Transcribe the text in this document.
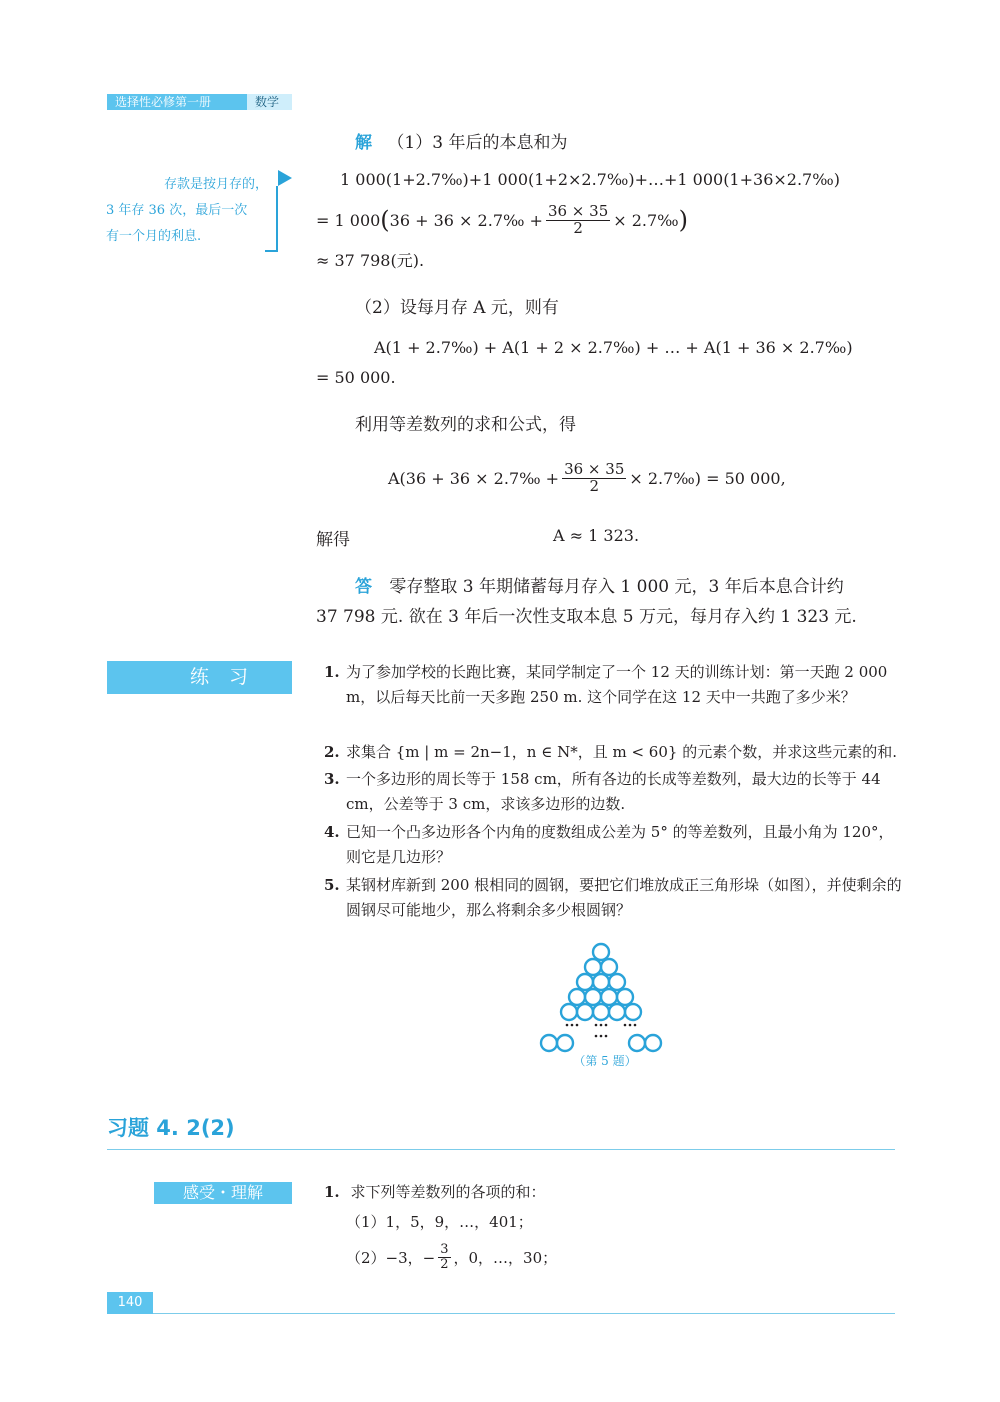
选择性必修第一册	数学
存款是按月存的，
3 年存 36 次，最后一次
有一个月的利息.
解 （1）3 年后的本息和为
1 000(1+2.7‰)+1 000(1+2×2.7‰)+…+1 000(1+36×2.7‰)
= 1 000 ( 36 + 36 × 2.7‰ + $\frac{36 \times 35}{2}$ × 2.7‰ )
≈ 37 798(元).
（2）设每月存 A 元，则有
A(1 + 2.7‰) + A(1 + 2 × 2.7‰) + … + A(1 + 36 × 2.7‰)
= 50 000.
利用等差数列的求和公式，得
A(36 + 36 × 2.7‰ + $\frac{36 \times 35}{2}$ × 2.7‰) = 50 000,
解得	A ≈ 1 323.
答 零存整取 3 年期储蓄每月存入 1 000 元，3 年后本息合计约
37 798 元. 欲在 3 年后一次性支取本息 5 万元，每月存入约 1 323 元.
练习	1. 为了参加学校的长跑比赛，某同学制定了一个 12 天的训练计划：第一天跑 2 000 m，以后每天比前一天多跑 250 m. 这个同学在这 12 天中一共跑了多少米？
2. 求集合 {m | m = 2n−1，n ∈ N*，且 m < 60} 的元素个数，并求这些元素的和.
3. 一个多边形的周长等于 158 cm，所有各边的长成等差数列，最大边的长等于 44 cm，公差等于 3 cm，求该多边形的边数.
4. 已知一个凸多边形各个内角的度数组成公差为 5° 的等差数列，且最小角为 120°，则它是几边形？
5. 某钢材库新到 200 根相同的圆钢，要把它们堆放成正三角形垛（如图），并使剩余的圆钢尽可能地少，那么将剩余多少根圆钢？
（第 5 题）
习题 4. 2(2)
感受・理解	1. 求下列等差数列的各项的和：
（1）1，5，9，…，401；
（2）−3，− $\frac{3}{2}$ ，0，…，30；
140
